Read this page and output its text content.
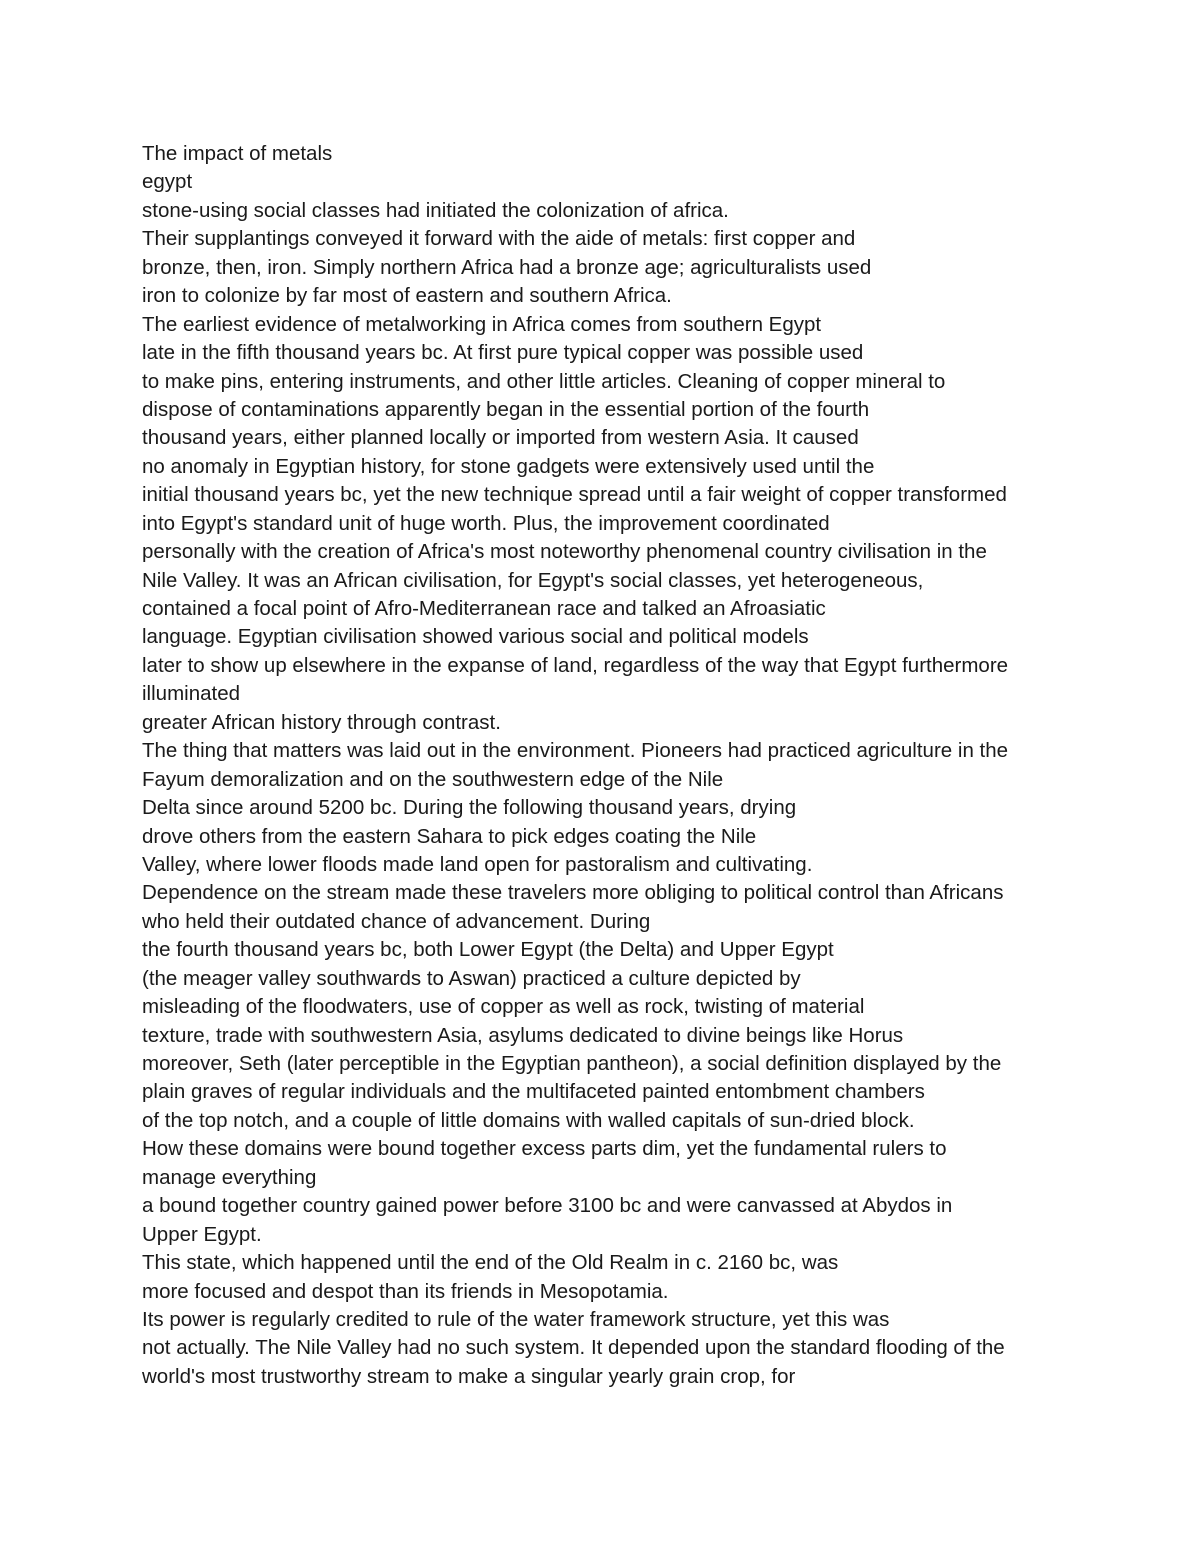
The impact of metals
egypt
stone-using social classes had initiated the colonization of africa.
Their supplantings conveyed it forward with the aide of metals: first copper and
bronze, then, iron. Simply northern Africa had a bronze age; agriculturalists used
iron to colonize by far most of eastern and southern Africa.
The earliest evidence of metalworking in Africa comes from southern Egypt
late in the fifth thousand years bc. At first pure typical copper was possible used
to make pins, entering instruments, and other little articles. Cleaning of copper mineral to
dispose of contaminations apparently began in the essential portion of the fourth
thousand years, either planned locally or imported from western Asia. It caused
no anomaly in Egyptian history, for stone gadgets were extensively used until the
initial thousand years bc, yet the new technique spread until a fair weight of copper transformed
into Egypt's standard unit of huge worth. Plus, the improvement coordinated
personally with the creation of Africa's most noteworthy phenomenal country civilisation in the
Nile Valley. It was an African civilisation, for Egypt's social classes, yet heterogeneous,
contained a focal point of Afro-Mediterranean race and talked an Afroasiatic
language. Egyptian civilisation showed various social and political models
later to show up elsewhere in the expanse of land, regardless of the way that Egypt furthermore
illuminated
greater African history through contrast.
The thing that matters was laid out in the environment. Pioneers had practiced agriculture in the
Fayum demoralization and on the southwestern edge of the Nile
Delta since around 5200 bc. During the following thousand years, drying
drove others from the eastern Sahara to pick edges coating the Nile
Valley, where lower floods made land open for pastoralism and cultivating.
Dependence on the stream made these travelers more obliging to political control than Africans
who held their outdated chance of advancement. During
the fourth thousand years bc, both Lower Egypt (the Delta) and Upper Egypt
(the meager valley southwards to Aswan) practiced a culture depicted by
misleading of the floodwaters, use of copper as well as rock, twisting of material
texture, trade with southwestern Asia, asylums dedicated to divine beings like Horus
moreover, Seth (later perceptible in the Egyptian pantheon), a social definition displayed by the
plain graves of regular individuals and the multifaceted painted entombment chambers
of the top notch, and a couple of little domains with walled capitals of sun-dried block.
How these domains were bound together excess parts dim, yet the fundamental rulers to
manage everything
a bound together country gained power before 3100 bc and were canvassed at Abydos in
Upper Egypt.
This state, which happened until the end of the Old Realm in c. 2160 bc, was
more focused and despot than its friends in Mesopotamia.
Its power is regularly credited to rule of the water framework structure, yet this was
not actually. The Nile Valley had no such system. It depended upon the standard flooding of the
world's most trustworthy stream to make a singular yearly grain crop, for
